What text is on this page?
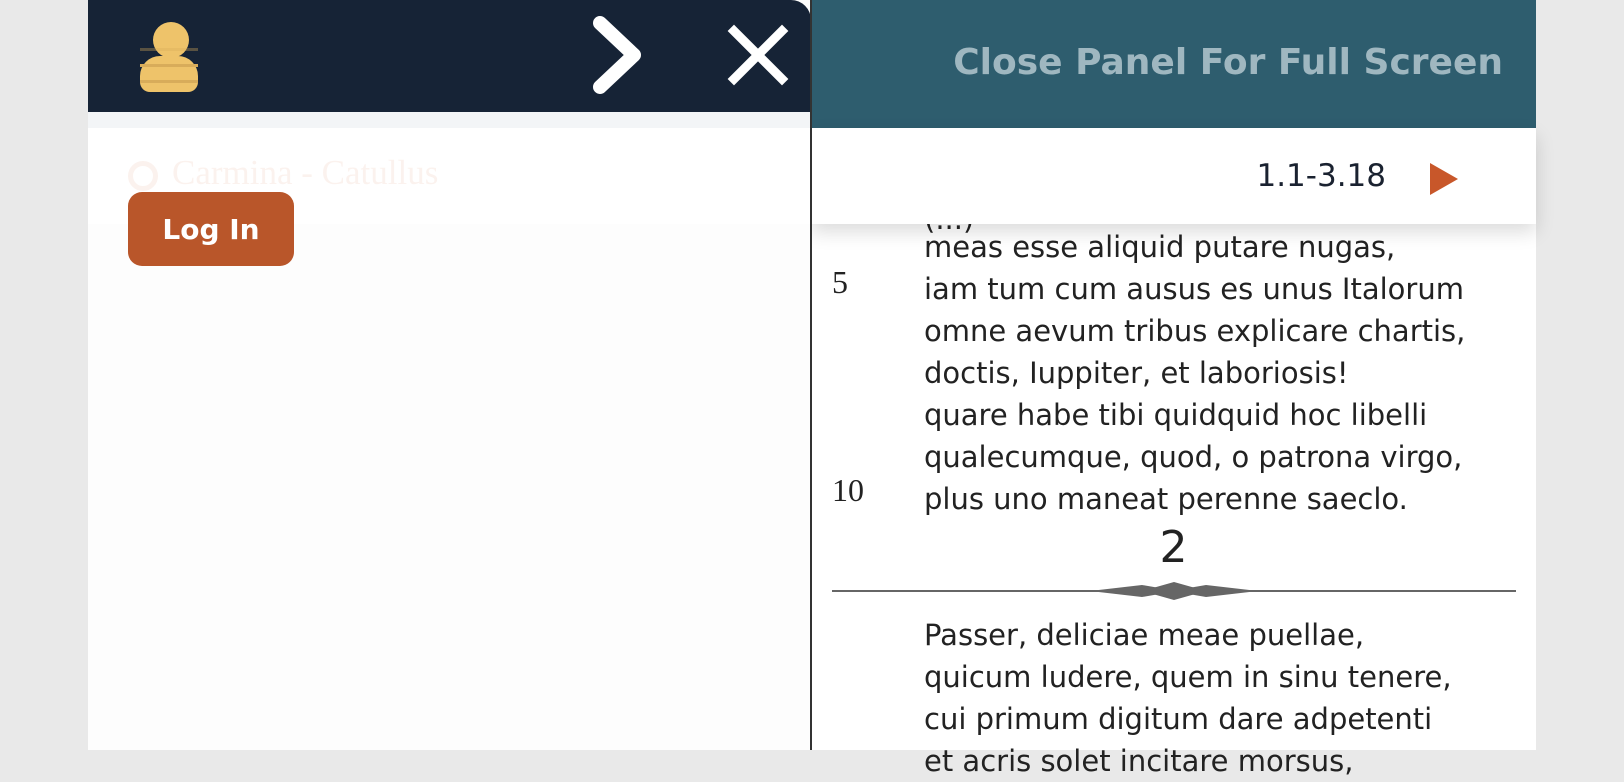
Close Panel For Full Screen
1.1-3.18
5
10
meas esse aliquid putare nugas,
iam tum cum ausus es unus Italorum
omne aevum tribus explicare chartis,
doctis, Iuppiter, et laboriosis!
quare habe tibi quidquid hoc libelli
qualecumque, quod, o patrona virgo,
plus uno maneat perenne saeclo.
2
Passer, deliciae meae puellae,
quicum ludere, quem in sinu tenere,
cui primum digitum dare adpetenti
et acris solet incitare morsus,
Carmina - Catullus
Log In
